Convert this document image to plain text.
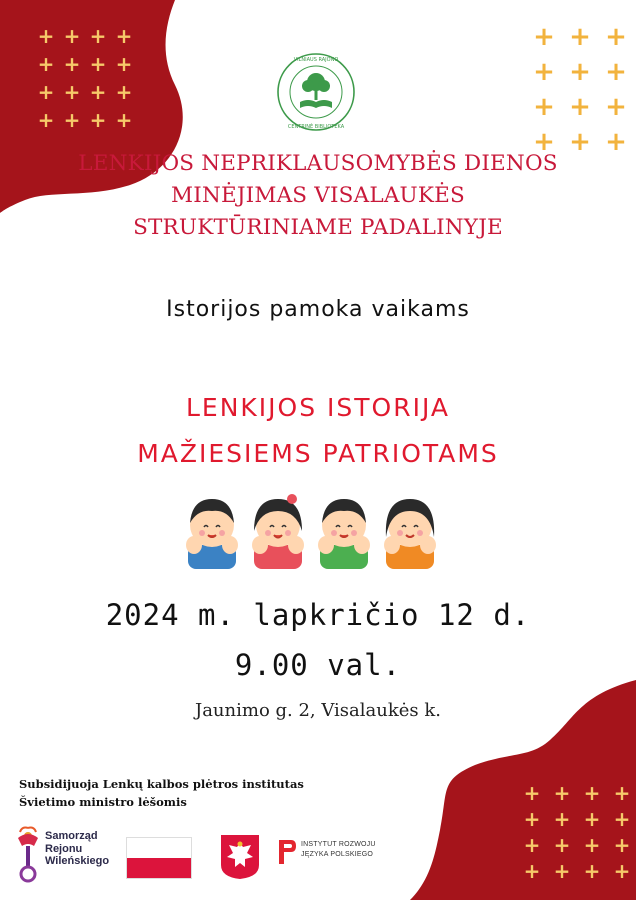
+ + + +
+ + + +
+ + + +
+ + + +
+ + +
+ + +
+ + +
+ + +
+ + + +
+ + + +
+ + + +
+ + + +
VILNIAUS RAJONO
CENTRINĖ BIBLIOTEKA
LENKIJOS NEPRIKLAUSOMYBĖS DIENOS
MINĖJIMAS VISALAUKĖS
STRUKTŪRINIAME PADALINYJE
Istorijos pamoka vaikams
LENKIJOS ISTORIJA
MAŽIESIEMS PATRIOTAMS
2024 m. lapkričio 12 d.
9.00 val.
Jaunimo g. 2, Visalaukės k.
Subsidijuoja Lenkų kalbos plėtros institutas
Švietimo ministro lėšomis
Samorząd
Rejonu
Wileńskiego
INSTYTUT ROZWOJU
JĘZYKA POLSKIEGO
